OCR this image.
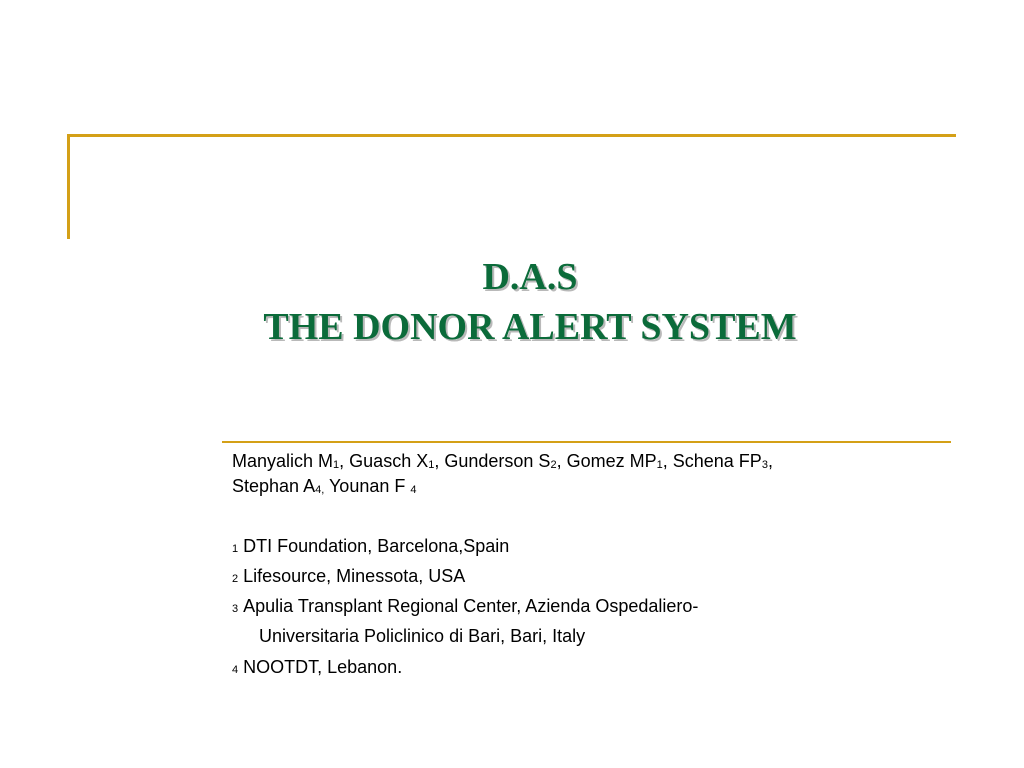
D.A.S
THE DONOR ALERT SYSTEM
Manyalich M1, Guasch X1, Gunderson S2, Gomez MP1, Schena FP3,
Stephan A4, Younan F 4
1 DTI Foundation, Barcelona,Spain
2 Lifesource, Minessota, USA
3 Apulia Transplant Regional Center, Azienda Ospedaliero-
Universitaria Policlinico di Bari, Bari, Italy
4 NOOTDT, Lebanon.
